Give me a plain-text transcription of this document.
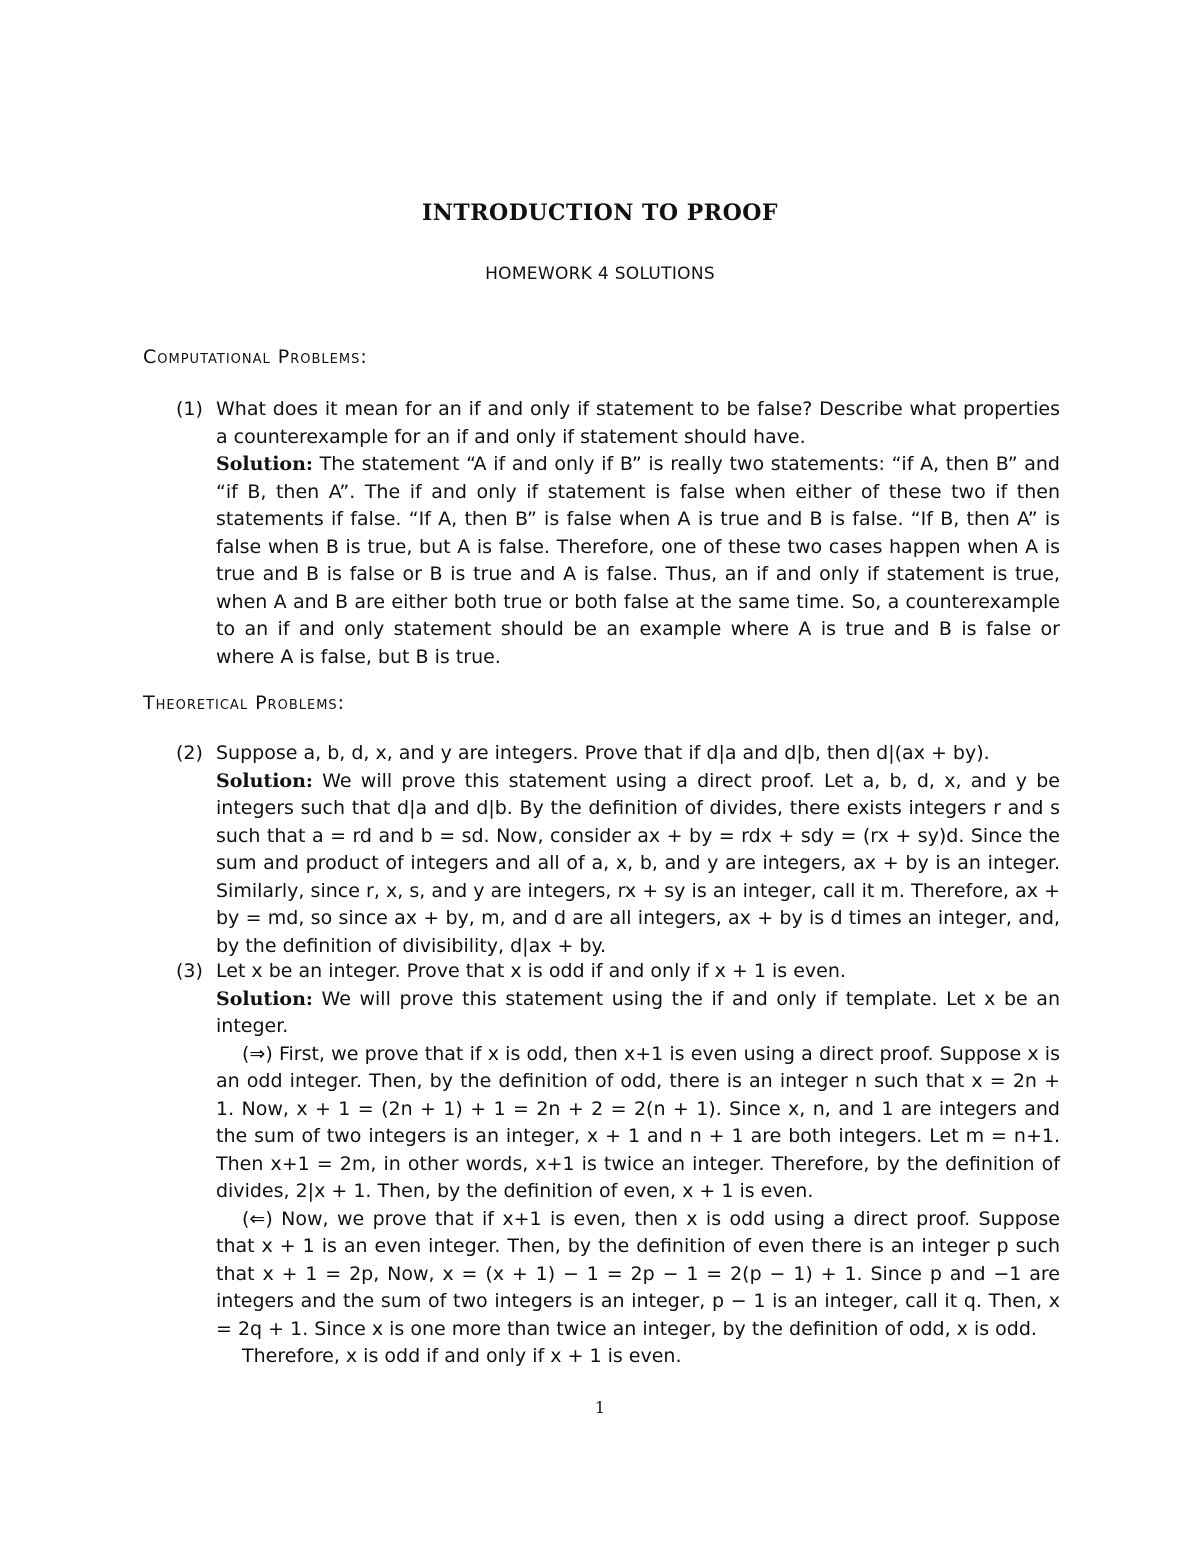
INTRODUCTION TO PROOF
HOMEWORK 4 SOLUTIONS
Computational Problems:
(1) What does it mean for an if and only if statement to be false? Describe what properties a counterexample for an if and only if statement should have.

Solution: The statement “A if and only if B” is really two statements: “if A, then B” and “if B, then A”. The if and only if statement is false when either of these two if then statements if false. “If A, then B” is false when A is true and B is false. “If B, then A” is false when B is true, but A is false. Therefore, one of these two cases happen when A is true and B is false or B is true and A is false. Thus, an if and only if statement is true, when A and B are either both true or both false at the same time. So, a counterexample to an if and only statement should be an example where A is true and B is false or where A is false, but B is true.

Theoretical Problems:
(2) Suppose a, b, d, x, and y are integers. Prove that if d|a and d|b, then d|(ax + by).

Solution: We will prove this statement using a direct proof. Let a, b, d, x, and y be integers such that d|a and d|b. By the definition of divides, there exists integers r and s such that a = rd and b = sd. Now, consider ax + by = rdx + sdy = (rx + sy)d. Since the sum and product of integers and all of a, x, b, and y are integers, ax + by is an integer. Similarly, since r, x, s, and y are integers, rx + sy is an integer, call it m. Therefore, ax + by = md, so since ax + by, m, and d are all integers, ax + by is d times an integer, and, by the definition of divisibility, d|ax + by.

(3) Let x be an integer. Prove that x is odd if and only if x + 1 is even.

Solution: We will prove this statement using the if and only if template. Let x be an integer.

(⇒) First, we prove that if x is odd, then x+1 is even using a direct proof. Suppose x is an odd integer. Then, by the definition of odd, there is an integer n such that x = 2n + 1. Now, x + 1 = (2n + 1) + 1 = 2n + 2 = 2(n + 1). Since x, n, and 1 are integers and the sum of two integers is an integer, x + 1 and n + 1 are both integers. Let m = n+1. Then x+1 = 2m, in other words, x+1 is twice an integer. Therefore, by the definition of divides, 2|x + 1. Then, by the definition of even, x + 1 is even.

(⇐) Now, we prove that if x+1 is even, then x is odd using a direct proof. Suppose that x + 1 is an even integer. Then, by the definition of even there is an integer p such that x + 1 = 2p, Now, x = (x + 1) − 1 = 2p − 1 = 2(p − 1) + 1. Since p and −1 are integers and the sum of two integers is an integer, p − 1 is an integer, call it q. Then, x = 2q + 1. Since x is one more than twice an integer, by the definition of odd, x is odd.

Therefore, x is odd if and only if x + 1 is even.

1
